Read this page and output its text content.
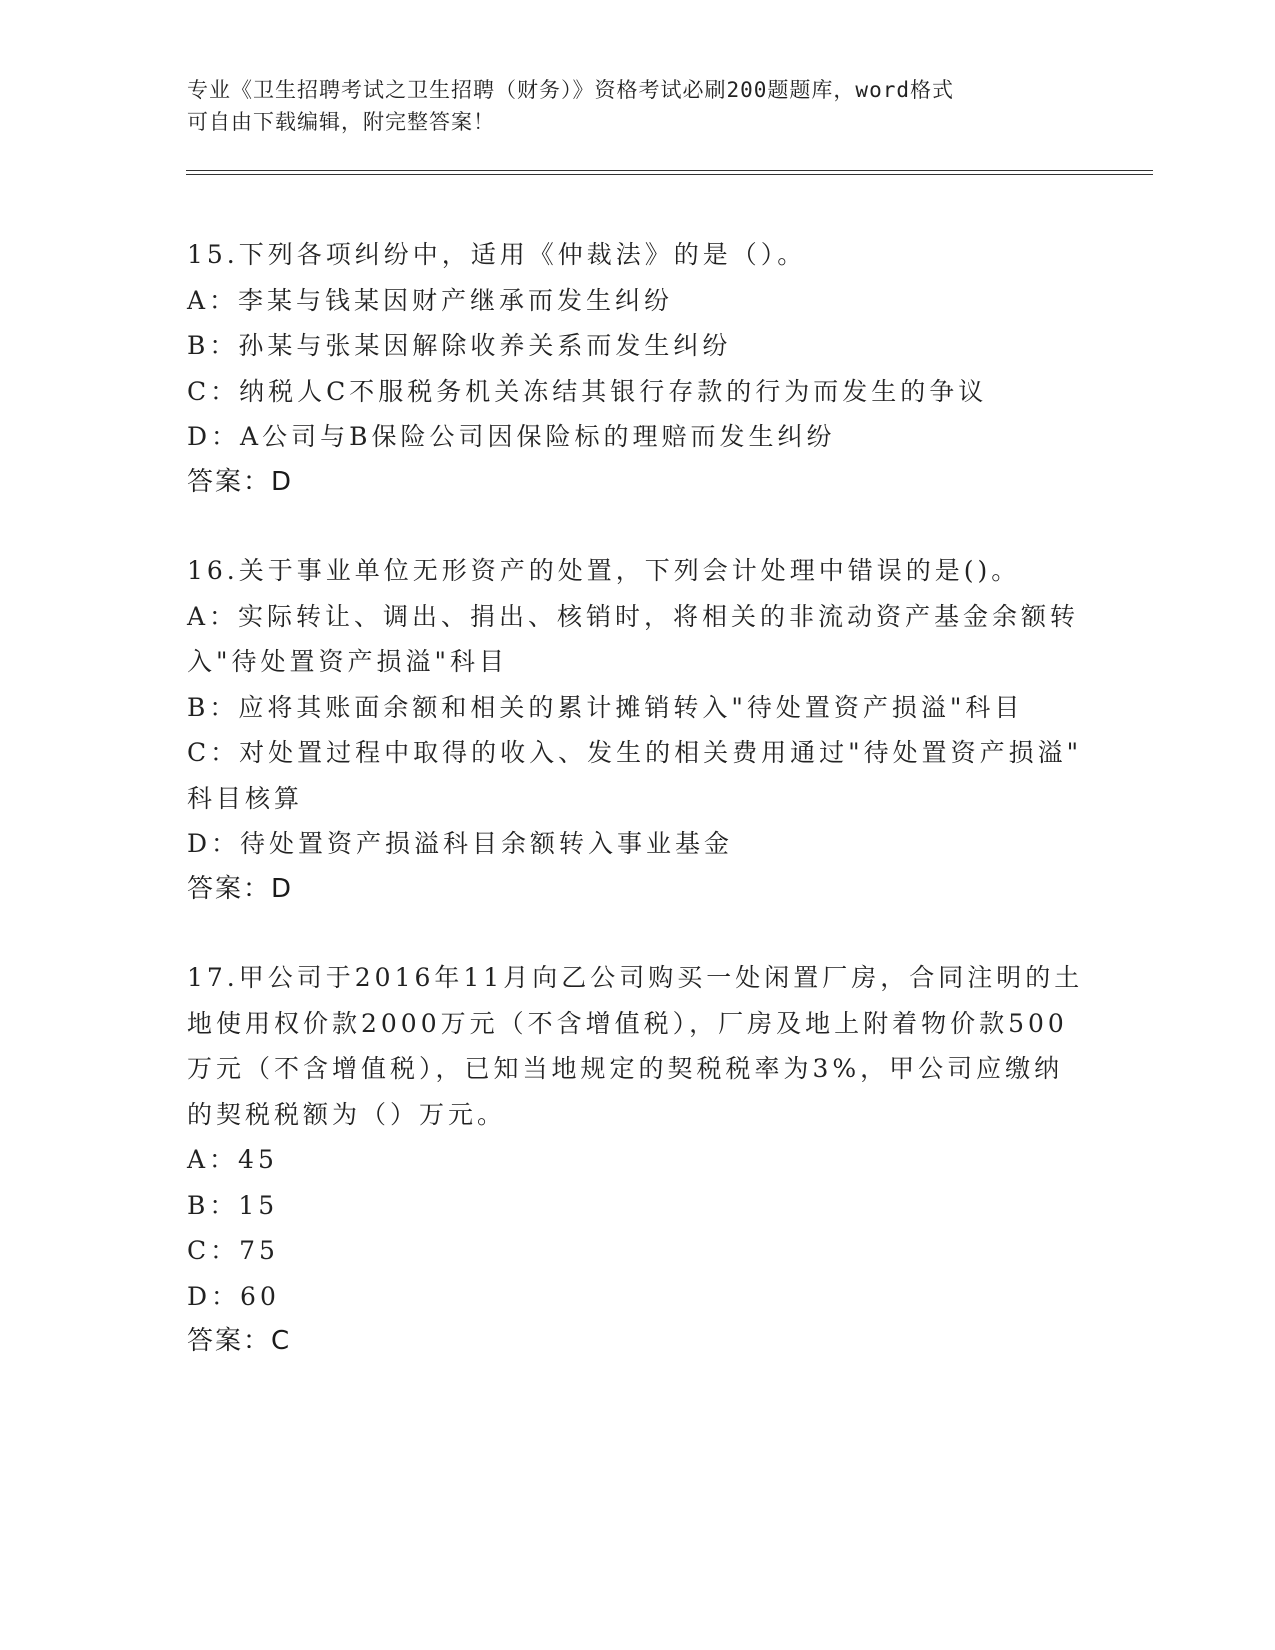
专业《卫生招聘考试之卫生招聘（财务）》资格考试必刷200题题库，word格式
可自由下载编辑，附完整答案！
15.下列各项纠纷中，适用《仲裁法》的是（）。
A：李某与钱某因财产继承而发生纠纷
B：孙某与张某因解除收养关系而发生纠纷
C：纳税人C不服税务机关冻结其银行存款的行为而发生的争议
D：A公司与B保险公司因保险标的理赔而发生纠纷
答案：D
16.关于事业单位无形资产的处置，下列会计处理中错误的是()。
A：实际转让、调出、捐出、核销时，将相关的非流动资产基金余额转
入"待处置资产损溢"科目
B：应将其账面余额和相关的累计摊销转入"待处置资产损溢"科目
C：对处置过程中取得的收入、发生的相关费用通过"待处置资产损溢"
科目核算
D：待处置资产损溢科目余额转入事业基金
答案：D
17.甲公司于2016年11月向乙公司购买一处闲置厂房，合同注明的土
地使用权价款2000万元（不含增值税），厂房及地上附着物价款500
万元（不含增值税），已知当地规定的契税税率为3%，甲公司应缴纳
的契税税额为（）万元。
A：45
B：15
C：75
D：60
答案：C
